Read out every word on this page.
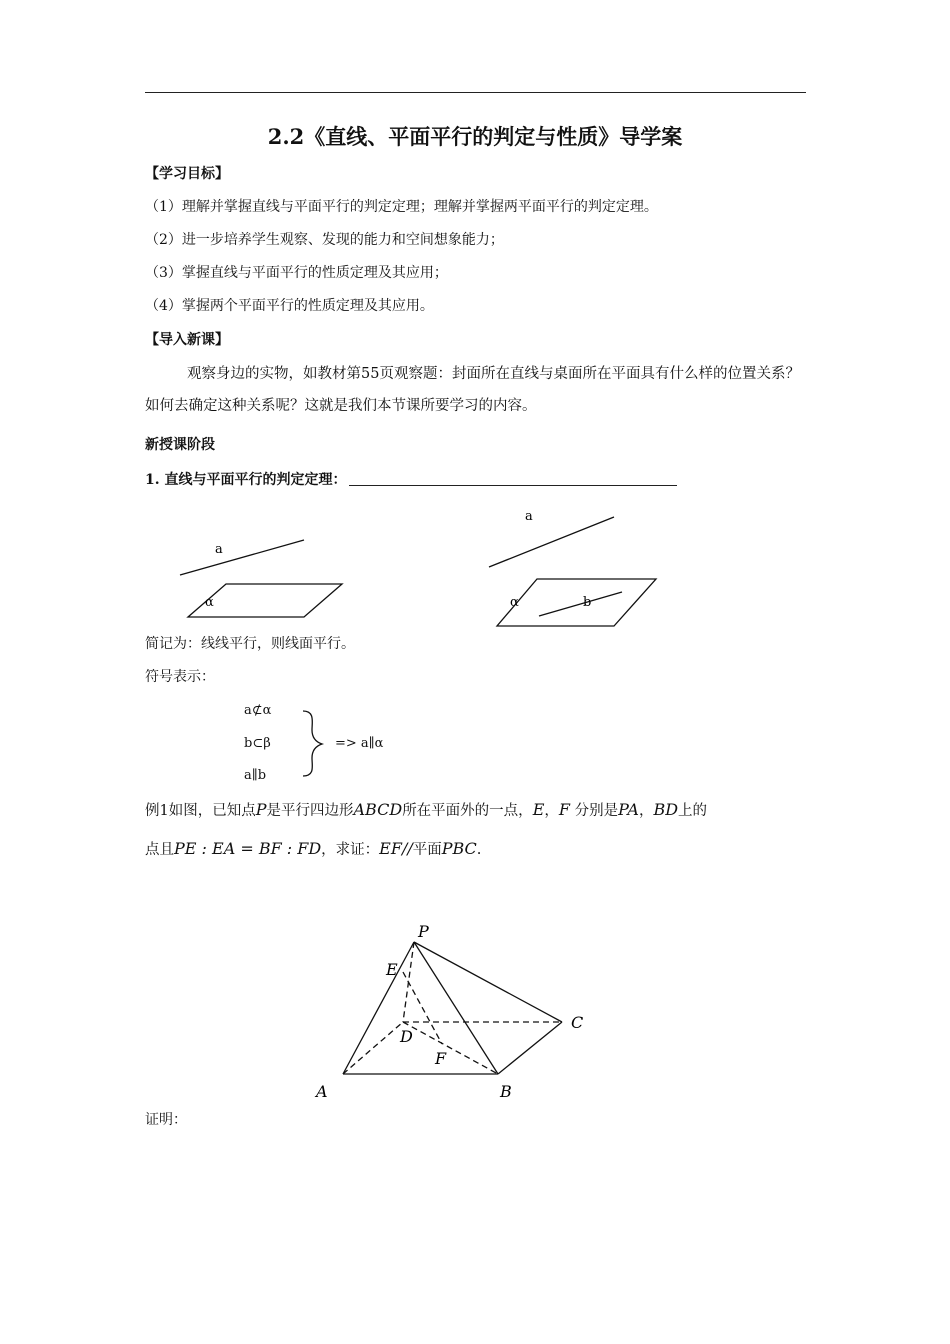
2.2《直线、平面平行的判定与性质》导学案
【学习目标】
（1）理解并掌握直线与平面平行的判定定理；理解并掌握两平面平行的判定定理。
（2）进一步培养学生观察、发现的能力和空间想象能力；
（3）掌握直线与平面平行的性质定理及其应用；
（4）掌握两个平面平行的性质定理及其应用。
【导入新课】
观察身边的实物，如教材第55页观察题：封面所在直线与桌面所在平面具有什么样的位置关系？如何去确定这种关系呢？这就是我们本节课所要学习的内容。
新授课阶段
1. 直线与平面平行的判定定理：
a
α
a
α	b
简记为：线线平行，则线面平行。
符号表示：
a⊄α
b⊂β
a∥b
=> a∥α
例1如图，已知点P是平行四边形ABCD所在平面外的一点，E，F 分别是PA，BD上的
点且PE : EA = BF : FD，求证：EF//平面PBC.
P
E
C
D
F
A	B
证明：
